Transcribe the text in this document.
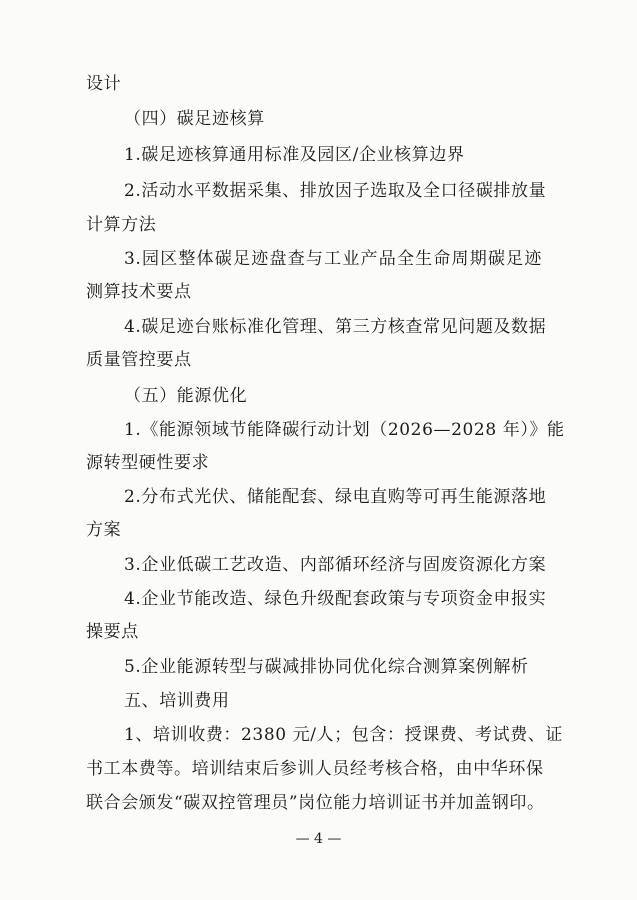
设计
（四）碳足迹核算
1.碳足迹核算通用标准及园区/企业核算边界
2.活动水平数据采集、排放因子选取及全口径碳排放量
计算方法
3.园区整体碳足迹盘查与工业产品全生命周期碳足迹
测算技术要点
4.碳足迹台账标准化管理、第三方核查常见问题及数据
质量管控要点
（五）能源优化
1.《能源领域节能降碳行动计划（2026—2028 年）》能
源转型硬性要求
2.分布式光伏、储能配套、绿电直购等可再生能源落地
方案
3.企业低碳工艺改造、内部循环经济与固废资源化方案
4.企业节能改造、绿色升级配套政策与专项资金申报实
操要点
5.企业能源转型与碳减排协同优化综合测算案例解析
五、培训费用
1、培训收费：2380 元/人；包含：授课费、考试费、证
书工本费等。培训结束后参训人员经考核合格，由中华环保
联合会颁发“碳双控管理员”岗位能力培训证书并加盖钢印。
— 4 —
